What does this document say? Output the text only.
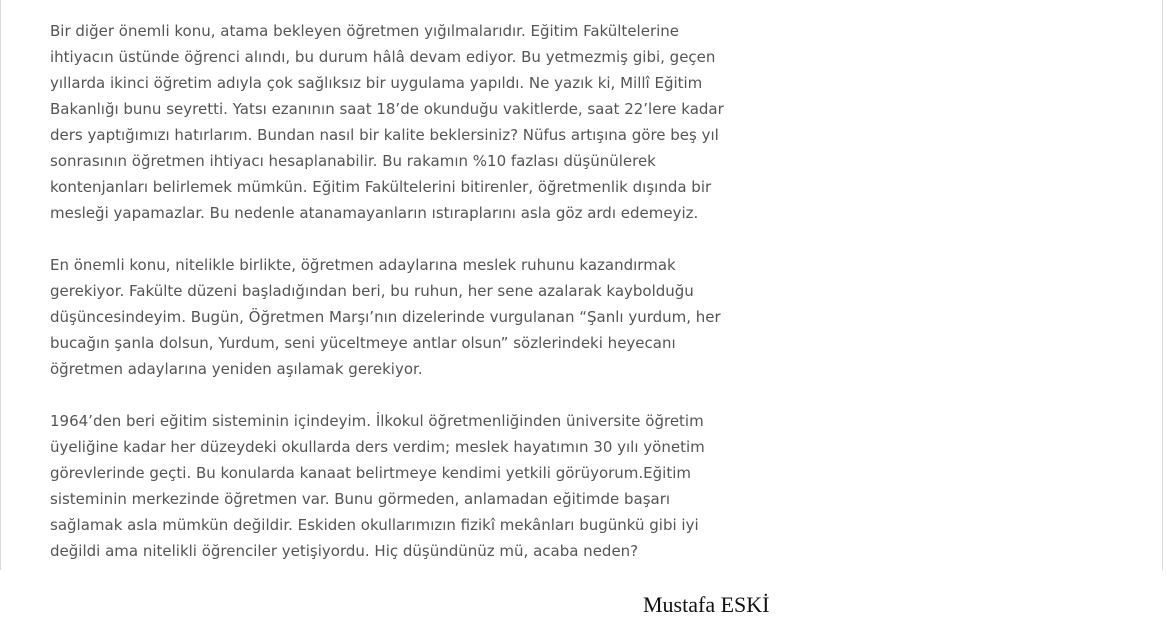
Bir diğer önemli konu, atama bekleyen öğretmen yığılmalarıdır. Eğitim Fakültelerine
ihtiyacın üstünde öğrenci alındı, bu durum hâlâ devam ediyor. Bu yetmezmiş gibi, geçen
yıllarda ikinci öğretim adıyla çok sağlıksız bir uygulama yapıldı. Ne yazık ki, Millî Eğitim
Bakanlığı bunu seyretti. Yatsı ezanının saat 18’de okunduğu vakitlerde, saat 22’lere kadar
ders yaptığımızı hatırlarım. Bundan nasıl bir kalite beklersiniz? Nüfus artışına göre beş yıl
sonrasının öğretmen ihtiyacı hesaplanabilir. Bu rakamın %10 fazlası düşünülerek
kontenjanları belirlemek mümkün. Eğitim Fakültelerini bitirenler, öğretmenlik dışında bir
mesleği yapamazlar. Bu nedenle atanamayanların ıstıraplarını asla göz ardı edemeyiz.

En önemli konu, nitelikle birlikte, öğretmen adaylarına meslek ruhunu kazandırmak
gerekiyor. Fakülte düzeni başladığından beri, bu ruhun, her sene azalarak kaybolduğu
düşüncesindeyim. Bugün, Öğretmen Marşı’nın dizelerinde vurgulanan “Şanlı yurdum, her
bucağın şanla dolsun, Yurdum, seni yüceltmeye antlar olsun” sözlerindeki heyecanı
öğretmen adaylarına yeniden aşılamak gerekiyor.

1964’den beri eğitim sisteminin içindeyim. İlkokul öğretmenliğinden üniversite öğretim
üyeliğine kadar her düzeydeki okullarda ders verdim; meslek hayatımın 30 yılı yönetim
görevlerinde geçti. Bu konularda kanaat belirtmeye kendimi yetkili görüyorum.Eğitim
sisteminin merkezinde öğretmen var. Bunu görmeden, anlamadan eğitimde başarı
sağlamak asla mümkün değildir. Eskiden okullarımızın fizikî mekânları bugünkü gibi iyi
değildi ama nitelikli öğrenciler yetişiyordu. Hiç düşündünüz mü, acaba neden?

Mustafa ESKİ
